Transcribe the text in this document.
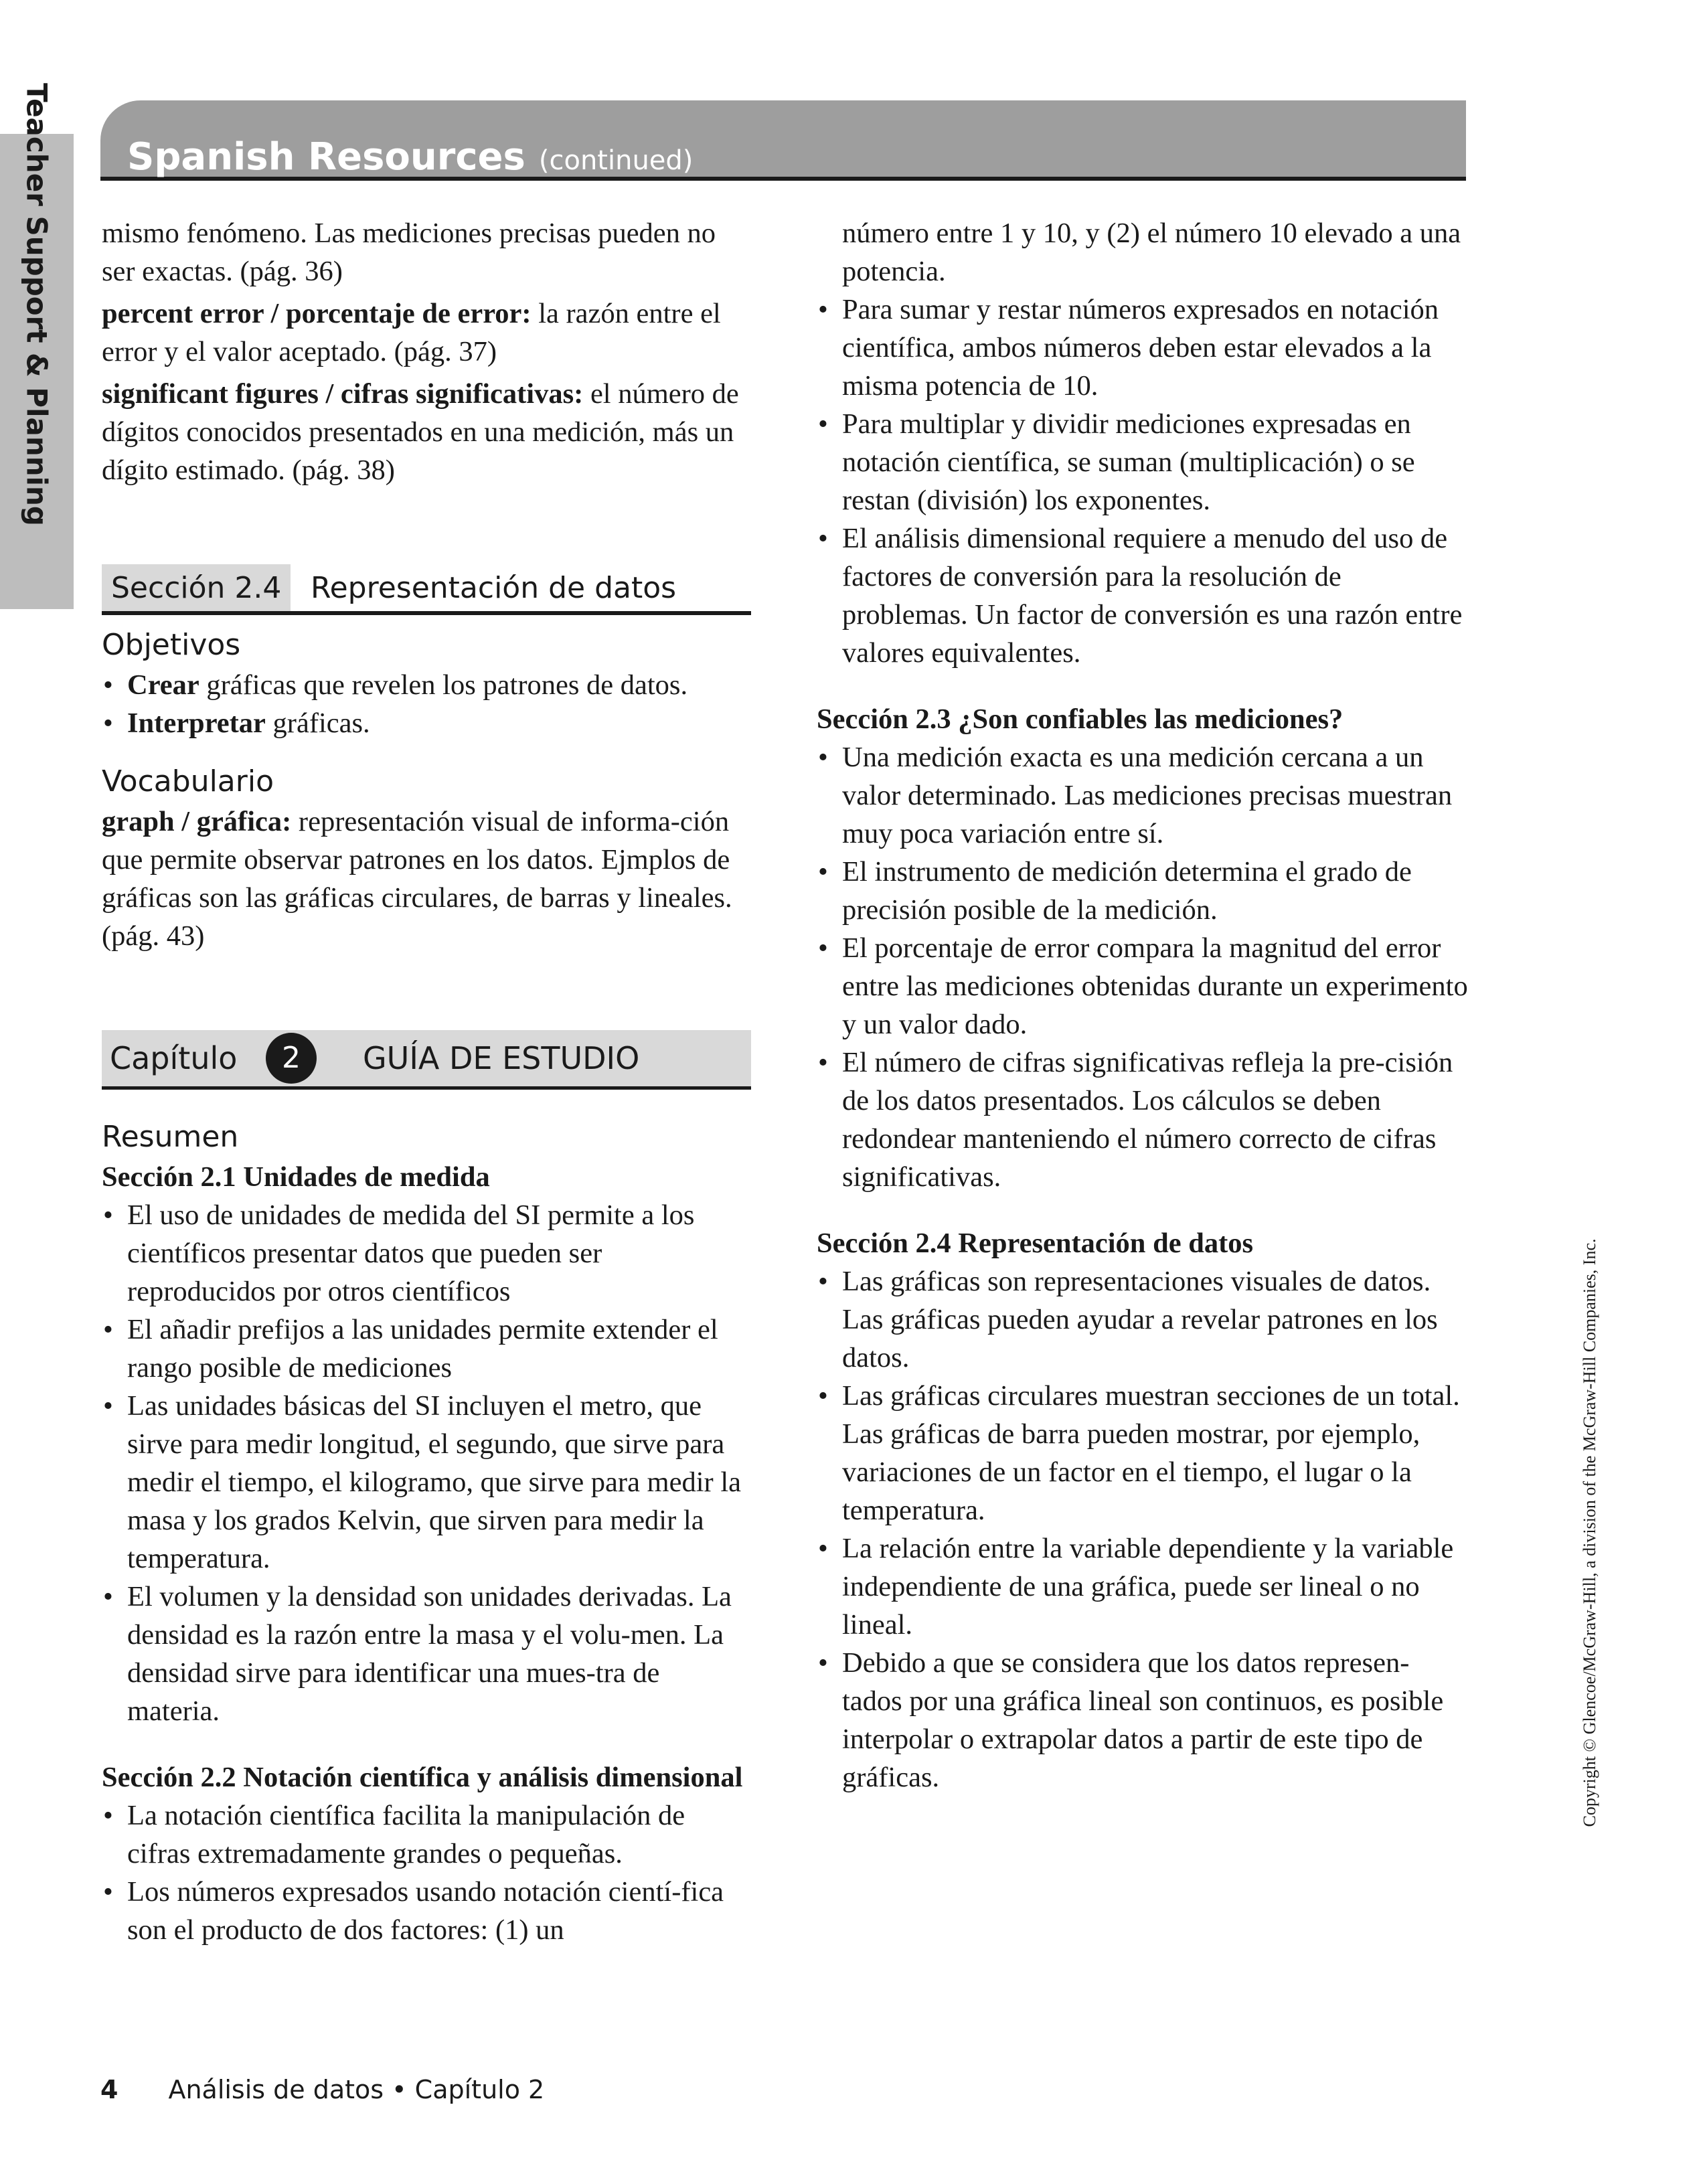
Teacher Support & Planning Spanish Resources (continued)

mismo fenómeno. Las mediciones precisas pueden no ser exactas. (pág. 36)

percent error / porcentaje de error: la razón entre el error y el valor aceptado. (pág. 37)

significant figures / cifras significativas: el número de dígitos conocidos presentados en una medición, más un dígito estimado. (pág. 38)

Sección 2.4 Representación de datos
Objetivos
• Crear gráficas que revelen los patrones de datos.
• Interpretar gráficas.
Vocabulario

graph / gráfica: representación visual de informa-ción que permite observar patrones en los datos. Ejmplos de gráficas son las gráficas circulares, de barras y lineales. (pág. 43)

Capítulo	2	GUÍA DE ESTUDIO
Resumen

Sección 2.1 Unidades de medida

• El uso de unidades de medida del SI permite a los científicos presentar datos que pueden ser reproducidos por otros científicos
• El añadir prefijos a las unidades permite extender el rango posible de mediciones
• Las unidades básicas del SI incluyen el metro, que sirve para medir longitud, el segundo, que sirve para medir el tiempo, el kilogramo, que sirve para medir la masa y los grados Kelvin, que sirven para medir la temperatura.
• El volumen y la densidad son unidades derivadas. La densidad es la razón entre la masa y el volu-men. La densidad sirve para identificar una mues-tra de materia.

Sección 2.2 Notación científica y análisis dimensional

• La notación científica facilita la manipulación de cifras extremadamente grandes o pequeñas.
• Los números expresados usando notación cientí-fica son el producto de dos factores: (1) un

número entre 1 y 10, y (2) el número 10 elevado a una potencia.

• Para sumar y restar números expresados en notación científica, ambos números deben estar elevados a la misma potencia de 10.
• Para multiplar y dividir mediciones expresadas en notación científica, se suman (multiplicación) o se restan (división) los exponentes.
• El análisis dimensional requiere a menudo del uso de factores de conversión para la resolución de problemas. Un factor de conversión es una razón entre valores equivalentes.

Sección 2.3 ¿Son confiables las mediciones?

• Una medición exacta es una medición cercana a un valor determinado. Las mediciones precisas muestran muy poca variación entre sí.
• El instrumento de medición determina el grado de precisión posible de la medición.
• El porcentaje de error compara la magnitud del error entre las mediciones obtenidas durante un experimento y un valor dado.
• El número de cifras significativas refleja la pre-cisión de los datos presentados. Los cálculos se deben redondear manteniendo el número correcto de cifras significativas.

Sección 2.4 Representación de datos

• Las gráficas son representaciones visuales de datos. Las gráficas pueden ayudar a revelar patrones en los datos.
• Las gráficas circulares muestran secciones de un total. Las gráficas de barra pueden mostrar, por ejemplo, variaciones de un factor en el tiempo, el lugar o la temperatura.
• La relación entre la variable dependiente y la variable independiente de una gráfica, puede ser lineal o no lineal.
• Debido a que se considera que los datos represen-tados por una gráfica lineal son continuos, es posible interpolar o extrapolar datos a partir de este tipo de gráficas.	Copyright © Glencoe/McGraw-Hill, a division of the McGraw-Hill Companies, Inc.
4 Análisis de datos • Capítulo 2
